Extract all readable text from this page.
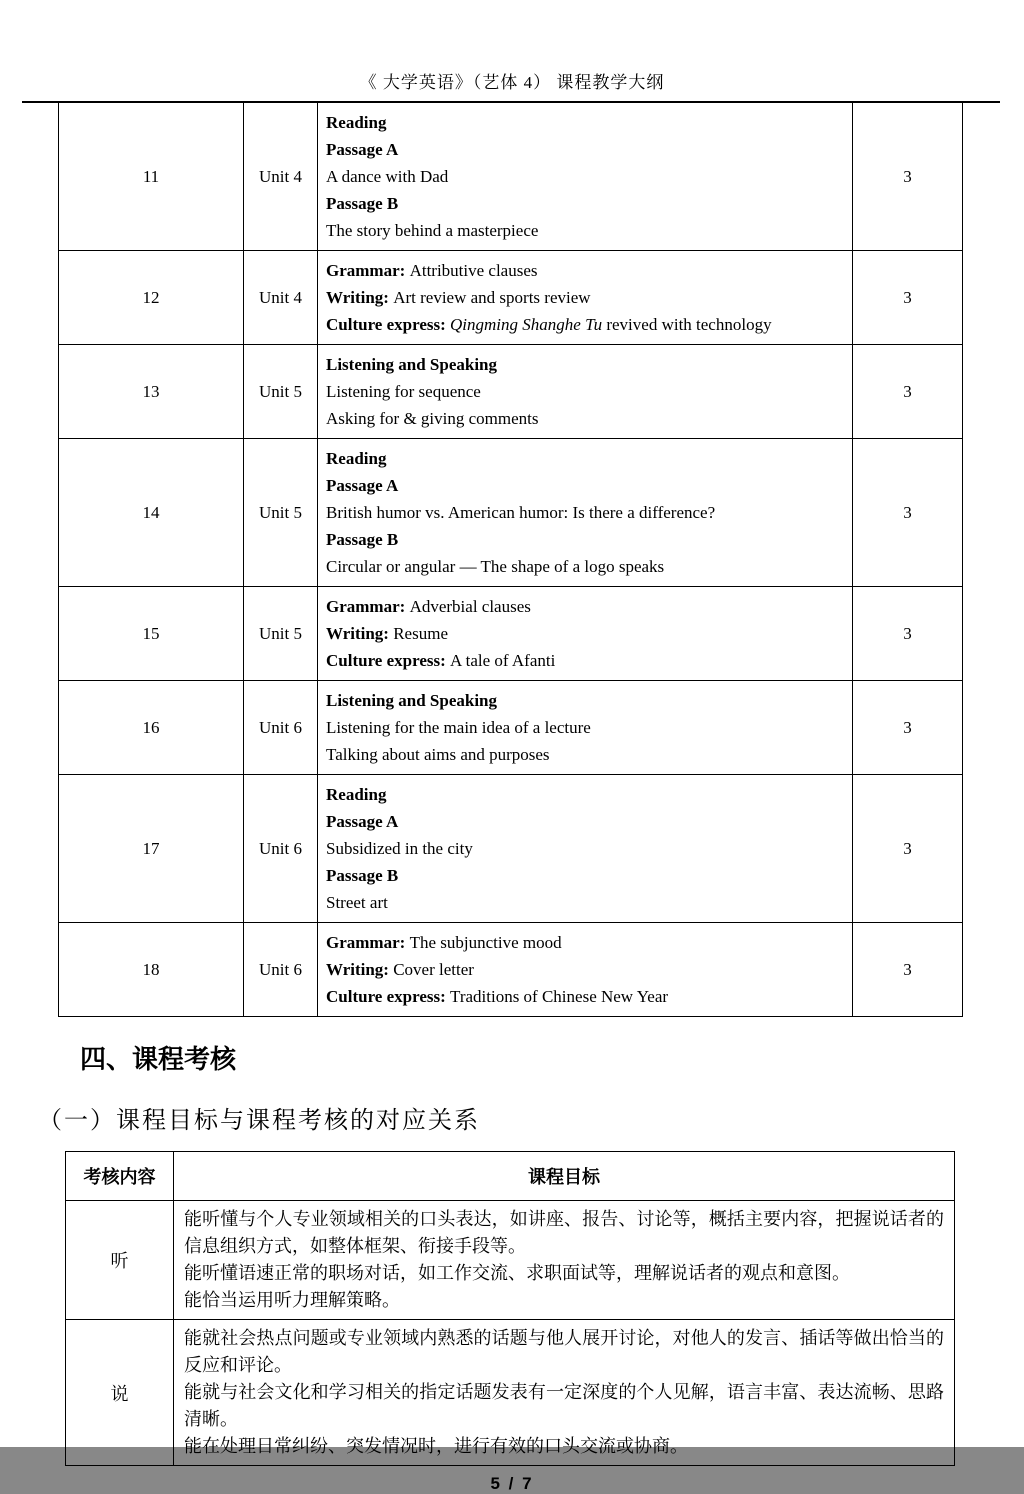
《 大学英语》（艺体 4） 课程教学大纲
11	Unit 4	Reading
Passage A
A dance with Dad
Passage B
The story behind a masterpiece	3
12	Unit 4	Grammar: Attributive clauses
Writing: Art review and sports review
Culture express: Qingming Shanghe Tu revived with technology	3
13	Unit 5	Listening and Speaking
Listening for sequence
Asking for & giving comments	3
14	Unit 5	Reading
Passage A
British humor vs. American humor: Is there a difference?
Passage B
Circular or angular — The shape of a logo speaks	3
15	Unit 5	Grammar: Adverbial clauses
Writing: Resume
Culture express: A tale of Afanti	3
16	Unit 6	Listening and Speaking
Listening for the main idea of a lecture
Talking about aims and purposes	3
17	Unit 6	Reading
Passage A
Subsidized in the city
Passage B
Street art	3
18	Unit 6	Grammar: The subjunctive mood
Writing: Cover letter
Culture express: Traditions of Chinese New Year	3
四、课程考核
（一）课程目标与课程考核的对应关系
考核内容	课程目标
听	能听懂与个人专业领域相关的口头表达，如讲座、报告、讨论等，概括主要内容，把握说话者的信息组织方式，如整体框架、衔接手段等。
能听懂语速正常的职场对话，如工作交流、求职面试等，理解说话者的观点和意图。
能恰当运用听力理解策略。

说	能就社会热点问题或专业领域内熟悉的话题与他人展开讨论，对他人的发言、插话等做出恰当的反应和评论。
能就与社会文化和学习相关的指定话题发表有一定深度的个人见解，语言丰富、表达流畅、思路清晰。
能在处理日常纠纷、突发情况时，进行有效的口头交流或协商。
5 / 7
